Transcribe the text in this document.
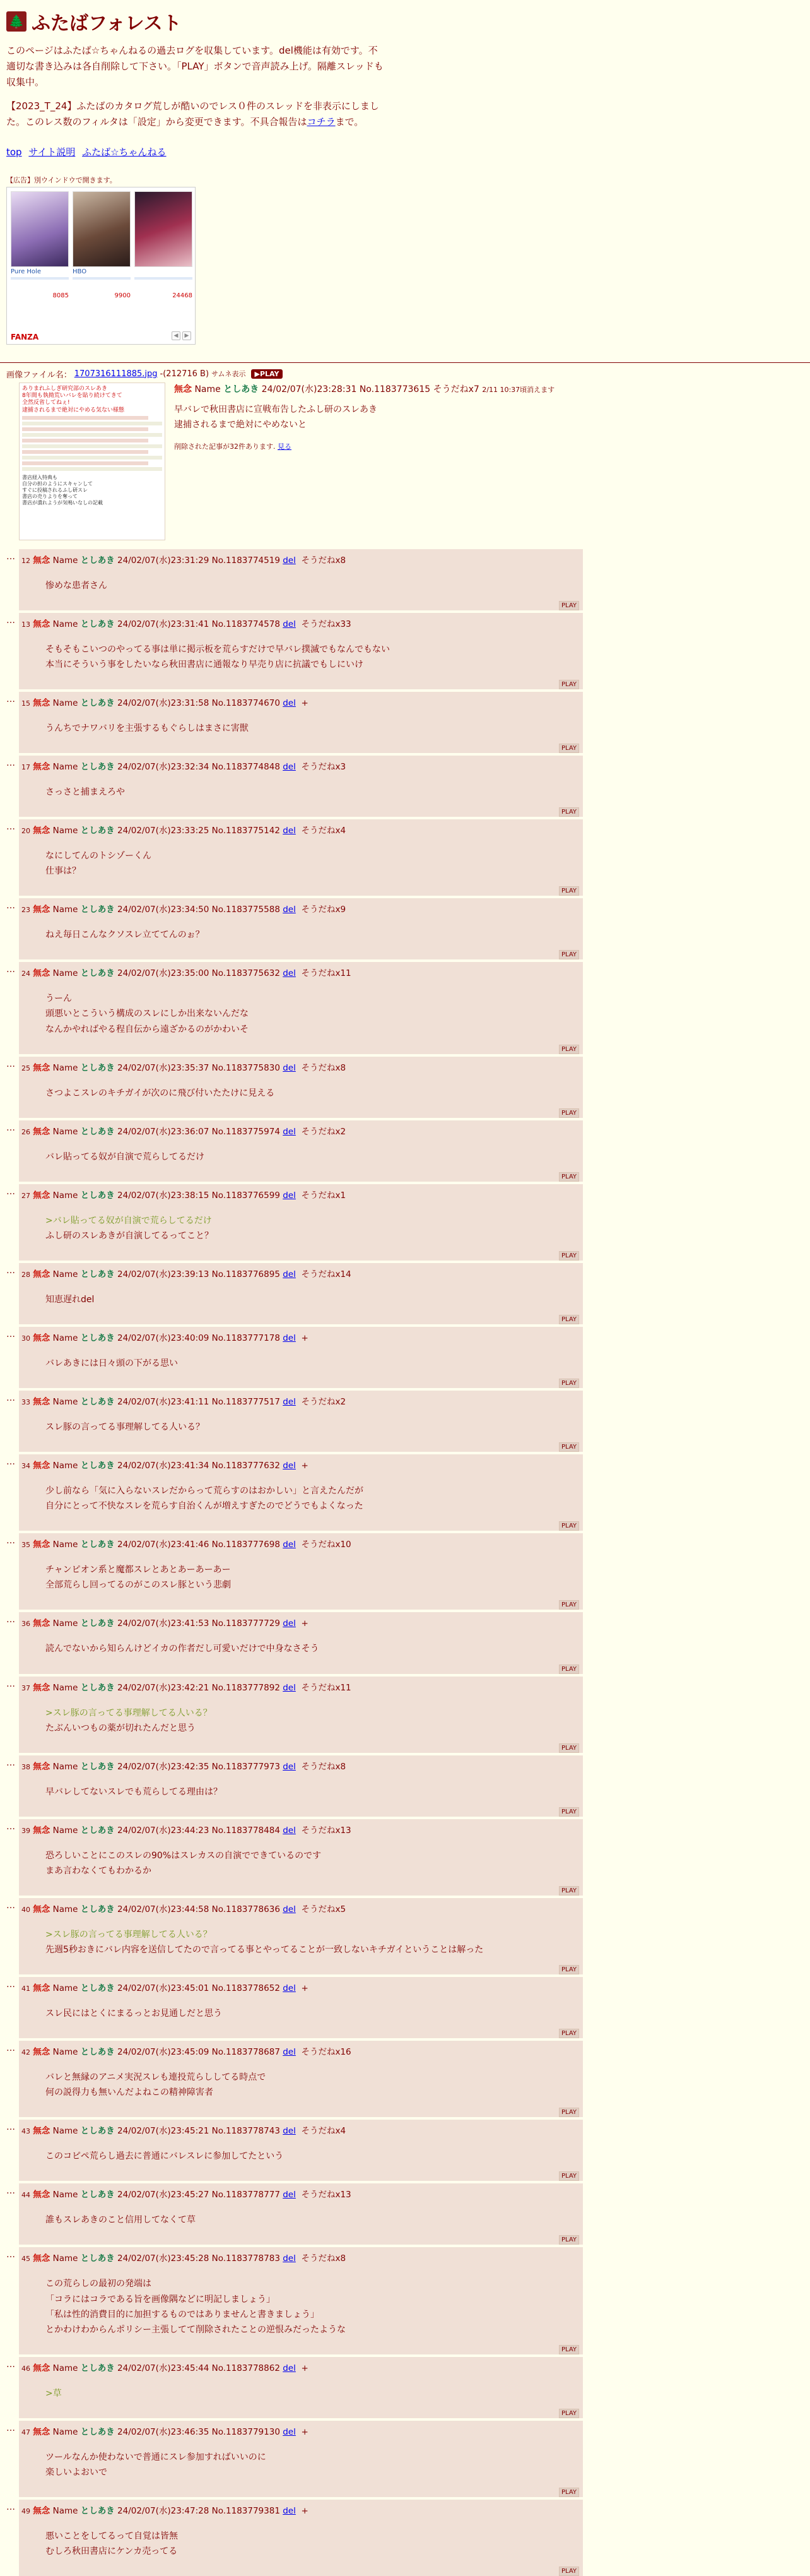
🌲 ふたばフォレスト

このページはふたば☆ちゃんねるの過去ログを収集しています。del機能は有効です。不適切な書き込みは各自削除して下さい。「PLAY」ボタンで音声読み上げ。隔離スレッドも収集中。

【2023_T_24】ふたばのカタログ荒しが酷いのでレス０件のスレッドを非表示にしました。このレス数のフィルタは「設定」から変更できます。不具合報告はコチラまで。

top サイト説明 ふたば☆ちゃんねる
【広告】別ウインドウで開きます。
Pure Hole
8085
HBO
9900	24468
FANZA	◀	▶
画像ファイル名： 1707316111885.jpg -(212716 B) サムネ表示	▶PLAY
ありまれふしぎ研究部のスレあき
8年間も執拗荒いバレを貼り続けてきて
全然反省してねぇ!
逮捕されるまで絶対にやめる気ない様態
書店経入特典も
自分の担のようにスキャンして
すぐに投稿されるふし研スレ
書店の売りよりを奪って
書店が潰れようが気鳴いなしの記載
無念 Name としあき 24/02/07(水)23:28:31 No.1183773615 そうだねx7 2/11 10:37頃消えます
早バレで秋田書店に宣戦布告したふし研のスレあき
逮捕されるまで絶対にやめないと
削除された記事が32件あります. 見る
… 12 無念 Name としあき 24/02/07(水)23:31:29 No.1183774519 del そうだねx8
惨めな患者さん
PLAY
… 13 無念 Name としあき 24/02/07(水)23:31:41 No.1183774578 del そうだねx33
そもそもこいつのやってる事は単に掲示板を荒らすだけで早バレ撲滅でもなんでもない
本当にそういう事をしたいなら秋田書店に通報なり早売り店に抗議でもしにいけ
PLAY
… 15 無念 Name としあき 24/02/07(水)23:31:58 No.1183774670 del +
うんちでナワバリを主張するもぐらしはまさに害獣
PLAY
… 17 無念 Name としあき 24/02/07(水)23:32:34 No.1183774848 del そうだねx3
さっさと捕まえろや
PLAY
… 20 無念 Name としあき 24/02/07(水)23:33:25 No.1183775142 del そうだねx4
なにしてんのトシゾーくん
仕事は？
PLAY
… 23 無念 Name としあき 24/02/07(水)23:34:50 No.1183775588 del そうだねx9
ねえ毎日こんなクソスレ立ててんのぉ？
PLAY
… 24 無念 Name としあき 24/02/07(水)23:35:00 No.1183775632 del そうだねx11
うーん
頭悪いとこういう構成のスレにしか出来ないんだな
なんかやればやる程自伝から遠ざかるのがかわいそ
PLAY
… 25 無念 Name としあき 24/02/07(水)23:35:37 No.1183775830 del そうだねx8
さつよこスレのキチガイが次のに飛び付いたたけに見える
PLAY
… 26 無念 Name としあき 24/02/07(水)23:36:07 No.1183775974 del そうだねx2
バレ貼ってる奴が自演で荒らしてるだけ
PLAY
… 27 無念 Name としあき 24/02/07(水)23:38:15 No.1183776599 del そうだねx1
>バレ貼ってる奴が自演で荒らしてるだけ
ふし研のスレあきが自演してるってこと？
PLAY
… 28 無念 Name としあき 24/02/07(水)23:39:13 No.1183776895 del そうだねx14
知恵遅れdel
PLAY
… 30 無念 Name としあき 24/02/07(水)23:40:09 No.1183777178 del +
バレあきには日々頭の下がる思い
PLAY
… 33 無念 Name としあき 24/02/07(水)23:41:11 No.1183777517 del そうだねx2
スレ豚の言ってる事理解してる人いる？
PLAY
… 34 無念 Name としあき 24/02/07(水)23:41:34 No.1183777632 del +
少し前なら「気に入らないスレだからって荒らすのはおかしい」と言えたんだが
自分にとって不快なスレを荒らす自治くんが増えすぎたのでどうでもよくなった
PLAY
… 35 無念 Name としあき 24/02/07(水)23:41:46 No.1183777698 del そうだねx10
チャンピオン系と魔都スレとあとあーあーあー
全部荒らし回ってるのがこのスレ豚という悲劇
PLAY
… 36 無念 Name としあき 24/02/07(水)23:41:53 No.1183777729 del +
読んでないから知らんけどイカの作者だし可愛いだけで中身なさそう
PLAY
… 37 無念 Name としあき 24/02/07(水)23:42:21 No.1183777892 del そうだねx11
>スレ豚の言ってる事理解してる人いる？
たぶんいつもの薬が切れたんだと思う
PLAY
… 38 無念 Name としあき 24/02/07(水)23:42:35 No.1183777973 del そうだねx8
早バレしてないスレでも荒らしてる理由は？
PLAY
… 39 無念 Name としあき 24/02/07(水)23:44:23 No.1183778484 del そうだねx13
恐ろしいことにこのスレの90%はスレカスの自演でできているのです
まあ言わなくてもわかるか
PLAY
… 40 無念 Name としあき 24/02/07(水)23:44:58 No.1183778636 del そうだねx5
>スレ豚の言ってる事理解してる人いる？
先週5秒おきにバレ内容を送信してたので言ってる事とやってることが一致しないキチガイということは解った
PLAY
… 41 無念 Name としあき 24/02/07(水)23:45:01 No.1183778652 del +
スレ民にはとくにまるっとお見通しだと思う
PLAY
… 42 無念 Name としあき 24/02/07(水)23:45:09 No.1183778687 del そうだねx16
バレと無縁のアニメ実況スレも連投荒らししてる時点で
何の説得力も無いんだよねこの精神障害者
PLAY
… 43 無念 Name としあき 24/02/07(水)23:45:21 No.1183778743 del そうだねx4
このコピペ荒らし過去に普通にバレスレに参加してたという
PLAY
… 44 無念 Name としあき 24/02/07(水)23:45:27 No.1183778777 del そうだねx13
誰もスレあきのこと信用してなくて草
PLAY
… 45 無念 Name としあき 24/02/07(水)23:45:28 No.1183778783 del そうだねx8
この荒らしの最初の発端は
「コラにはコラである旨を画像隅などに明記しましょう」
「私は性的消費目的に加担するものではありませんと書きましょう」
とかわけわからんポリシー主張してて削除されたことの逆恨みだったような
PLAY
… 46 無念 Name としあき 24/02/07(水)23:45:44 No.1183778862 del +
>草
PLAY
… 47 無念 Name としあき 24/02/07(水)23:46:35 No.1183779130 del +
ツールなんか使わないで普通にスレ参加すればいいのに
楽しいよおいで
PLAY
… 49 無念 Name としあき 24/02/07(水)23:47:28 No.1183779381 del +
悪いことをしてるって自覚は皆無
むしろ秋田書店にケンカ売ってる
PLAY
